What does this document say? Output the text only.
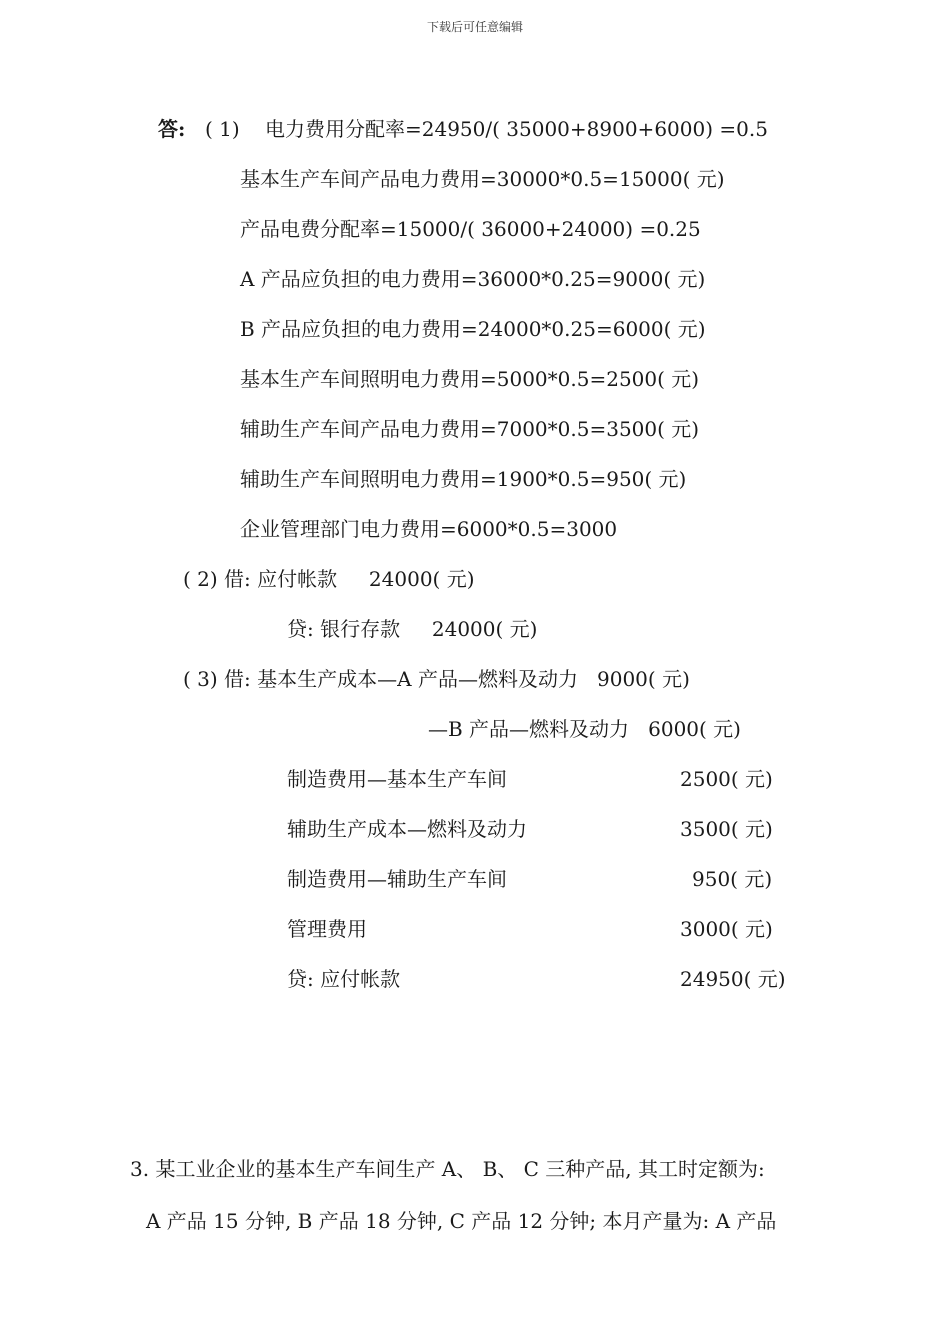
下载后可任意编辑
答: ( 1) 电力费用分配率=24950/( 35000+8900+6000) =0.5
基本生产车间产品电力费用=30000*0.5=15000( 元)
产品电费分配率=15000/( 36000+24000) =0.25
A 产品应负担的电力费用=36000*0.25=9000( 元)
B 产品应负担的电力费用=24000*0.25=6000( 元)
基本生产车间照明电力费用=5000*0.5=2500( 元)
辅助生产车间产品电力费用=7000*0.5=3500( 元)
辅助生产车间照明电力费用=1900*0.5=950( 元)
企业管理部门电力费用=6000*0.5=3000
( 2) 借: 应付帐款     24000( 元)
贷: 银行存款     24000( 元)
( 3) 借: 基本生产成本—A 产品—燃料及动力   9000( 元)
—B 产品—燃料及动力   6000( 元)
制造费用—基本生产车间	2500( 元)
辅助生产成本—燃料及动力	3500( 元)
制造费用—辅助生产车间	950( 元)
管理费用	3000( 元)
贷: 应付帐款	24950( 元)
3. 某工业企业的基本生产车间生产 A、 B、 C 三种产品, 其工时定额为:
A 产品 15 分钟, B 产品 18 分钟, C 产品 12 分钟; 本月产量为: A 产品
